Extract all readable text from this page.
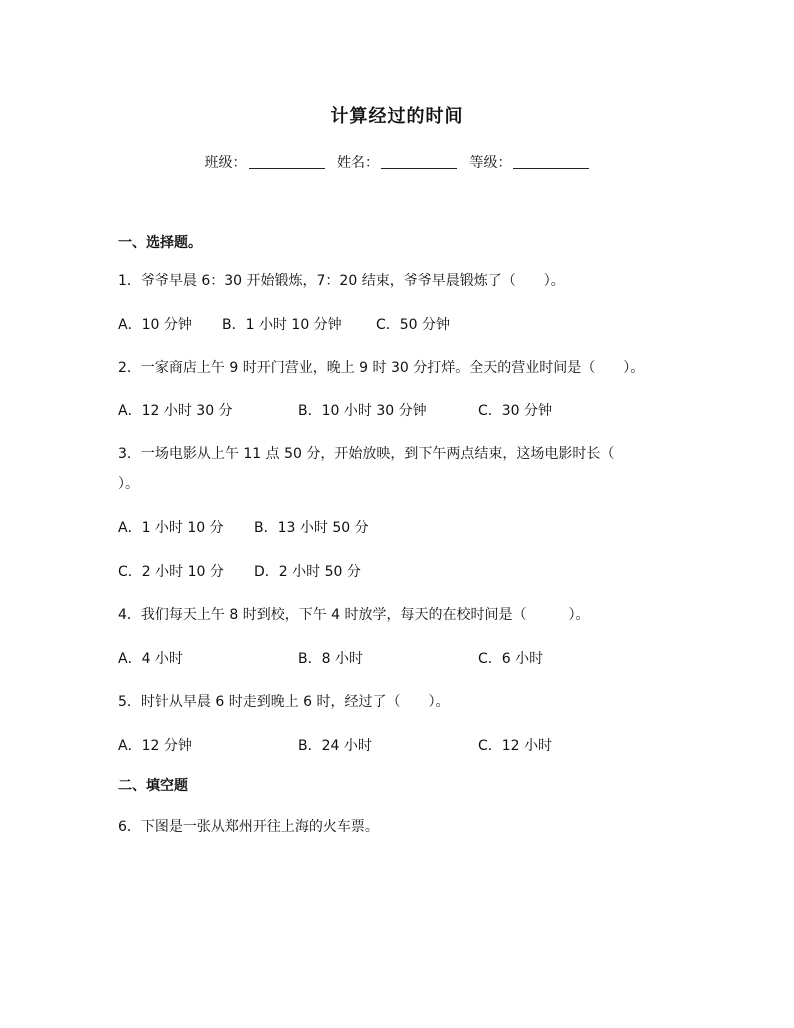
计算经过的时间
班级：	姓名：	等级：
一、选择题。
1．爷爷早晨 6：30 开始锻炼，7：20 结束，爷爷早晨锻炼了（　　）。
A．10 分钟 B．1 小时 10 分钟 C．50 分钟
2．一家商店上午 9 时开门营业，晚上 9 时 30 分打烊。全天的营业时间是（　　）。
A．12 小时 30 分	B．10 小时 30 分钟	C．30 分钟
3．一场电影从上午 11 点 50 分，开始放映，到下午两点结束，这场电影时长（
）。
A．1 小时 10 分 B．13 小时 50 分
C．2 小时 10 分 D．2 小时 50 分
4．我们每天上午 8 时到校，下午 4 时放学，每天的在校时间是（　　　）。
A．4 小时	B．8 小时	C．6 小时
5．时针从早晨 6 时走到晚上 6 时，经过了（　　）。
A．12 分钟	B．24 小时	C．12 小时
二、填空题
6．下图是一张从郑州开往上海的火车票。
